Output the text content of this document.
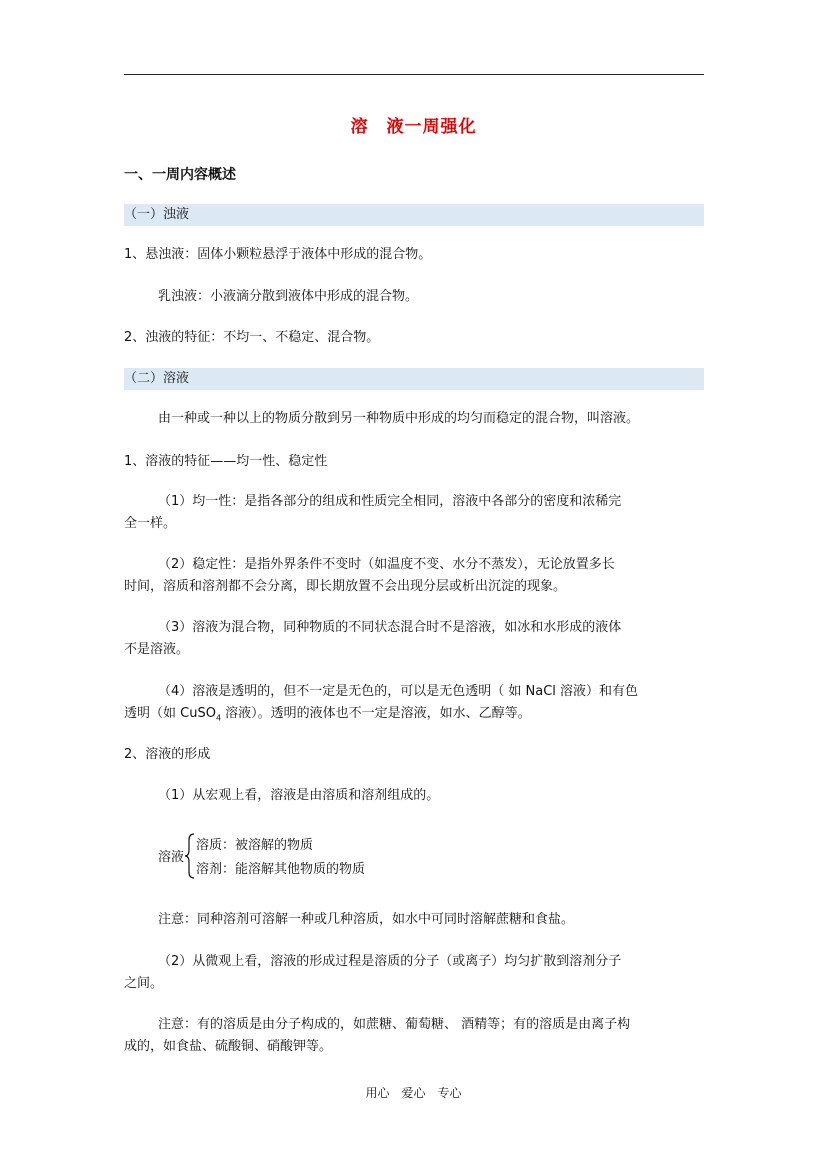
溶　液一周强化
一、一周内容概述
（一）浊液
1、悬浊液：固体小颗粒悬浮于液体中形成的混合物。
乳浊液：小液滴分散到液体中形成的混合物。
2、浊液的特征：不均一、不稳定、混合物。
（二）溶液
由一种或一种以上的物质分散到另一种物质中形成的均匀而稳定的混合物，叫溶液。
1、溶液的特征——均一性、稳定性
（1）均一性：是指各部分的组成和性质完全相同，溶液中各部分的密度和浓稀完
全一样。
（2）稳定性：是指外界条件不变时（如温度不变、水分不蒸发），无论放置多长
时间，溶质和溶剂都不会分离，即长期放置不会出现分层或析出沉淀的现象。
（3）溶液为混合物，同种物质的不同状态混合时不是溶液，如冰和水形成的液体
不是溶液。
（4）溶液是透明的，但不一定是无色的，可以是无色透明（ 如 NaCl 溶液）和有色
透明（如 CuSO$_4$ 溶液）。透明的液体也不一定是溶液，如水、乙醇等。
2、溶液的形成
（1）从宏观上看，溶液是由溶质和溶剂组成的。
溶液
溶质：被溶解的物质
溶剂：能溶解其他物质的物质
注意：同种溶剂可溶解一种或几种溶质，如水中可同时溶解蔗糖和食盐。
（2）从微观上看，溶液的形成过程是溶质的分子（或离子）均匀扩散到溶剂分子
之间。
注意：有的溶质是由分子构成的，如蔗糖、葡萄糖、 酒精等；有的溶质是由离子构
成的，如食盐、硫酸铜、硝酸钾等。
用心　爱心　专心
